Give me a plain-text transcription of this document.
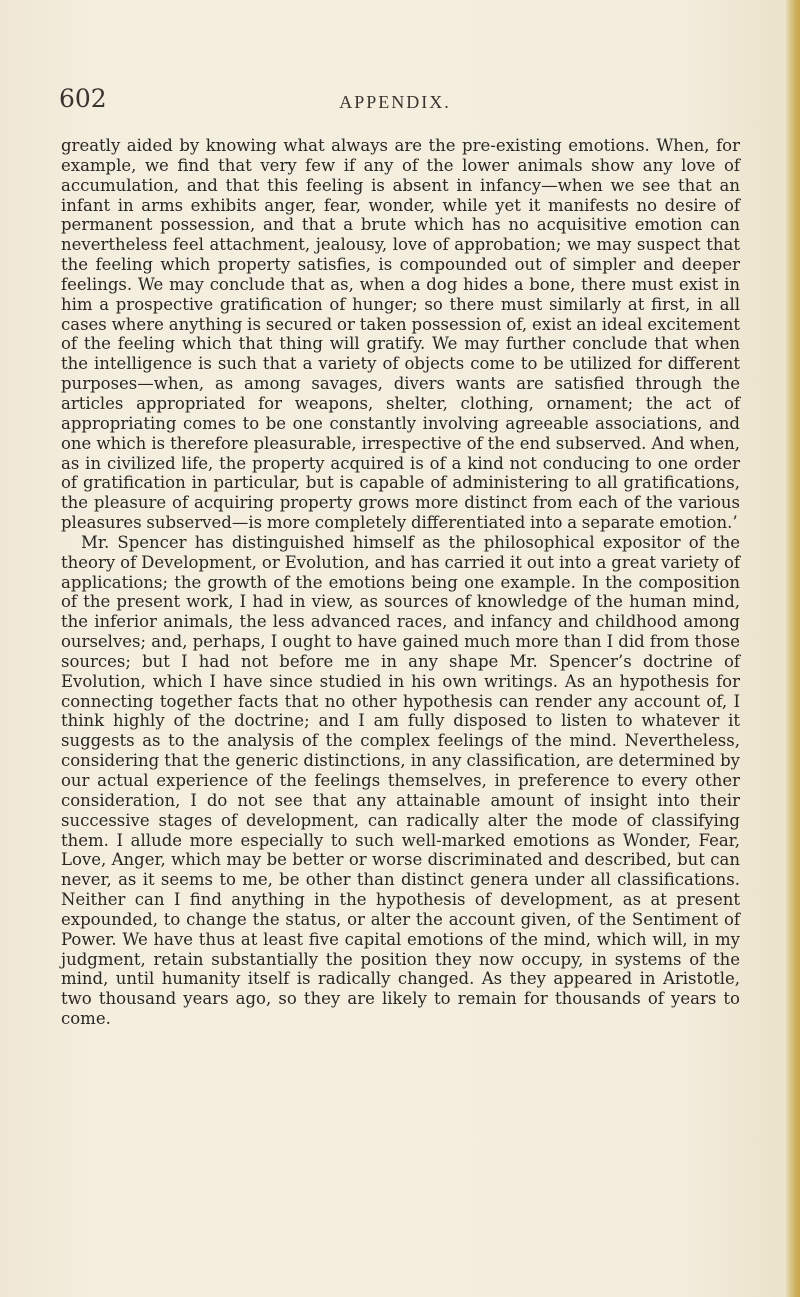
602	APPENDIX.

greatly aided by knowing what always are the pre-existing emotions. When, for example, we find that very few if any of the lower animals show any love of accumulation, and that this feeling is absent in infancy—when we see that an infant in arms exhibits anger, fear, wonder, while yet it manifests no desire of permanent possession, and that a brute which has no acquisitive emotion can nevertheless feel attachment, jealousy, love of approbation; we may suspect that the feeling which property satisfies, is compounded out of simpler and deeper feelings. We may conclude that as, when a dog hides a bone, there must exist in him a prospective gratification of hunger; so there must similarly at first, in all cases where anything is secured or taken possession of, exist an ideal excitement of the feeling which that thing will gratify. We may further conclude that when the intelligence is such that a variety of objects come to be utilized for different purposes—when, as among savages, divers wants are satisfied through the articles appropriated for weapons, shelter, clothing, ornament; the act of appropriating comes to be one constantly involving agreeable associations, and one which is therefore pleasurable, irrespective of the end subserved. And when, as in civilized life, the property acquired is of a kind not conducing to one order of gratification in particular, but is capable of administering to all gratifications, the pleasure of acquiring property grows more distinct from each of the various pleasures subserved—is more completely differentiated into a separate emotion.’

Mr. Spencer has distinguished himself as the philosophical expositor of the theory of Development, or Evolution, and has carried it out into a great variety of applications; the growth of the emotions being one example. In the composition of the present work, I had in view, as sources of knowledge of the human mind, the inferior animals, the less advanced races, and infancy and childhood among ourselves; and, perhaps, I ought to have gained much more than I did from those sources; but I had not before me in any shape Mr. Spencer’s doctrine of Evolution, which I have since studied in his own writings. As an hypothesis for connecting together facts that no other hypothesis can render any account of, I think highly of the doctrine; and I am fully disposed to listen to whatever it suggests as to the analysis of the complex feelings of the mind. Nevertheless, considering that the generic distinctions, in any classification, are determined by our actual experience of the feelings themselves, in preference to every other consideration, I do not see that any attainable amount of insight into their successive stages of development, can radically alter the mode of classifying them. I allude more especially to such well-marked emotions as Wonder, Fear, Love, Anger, which may be better or worse discriminated and described, but can never, as it seems to me, be other than distinct genera under all classifications. Neither can I find anything in the hypothesis of development, as at present expounded, to change the status, or alter the account given, of the Sentiment of Power. We have thus at least five capital emotions of the mind, which will, in my judgment, retain substantially the position they now occupy, in systems of the mind, until humanity itself is radically changed. As they appeared in Aristotle, two thousand years ago, so they are likely to remain for thousands of years to come.
